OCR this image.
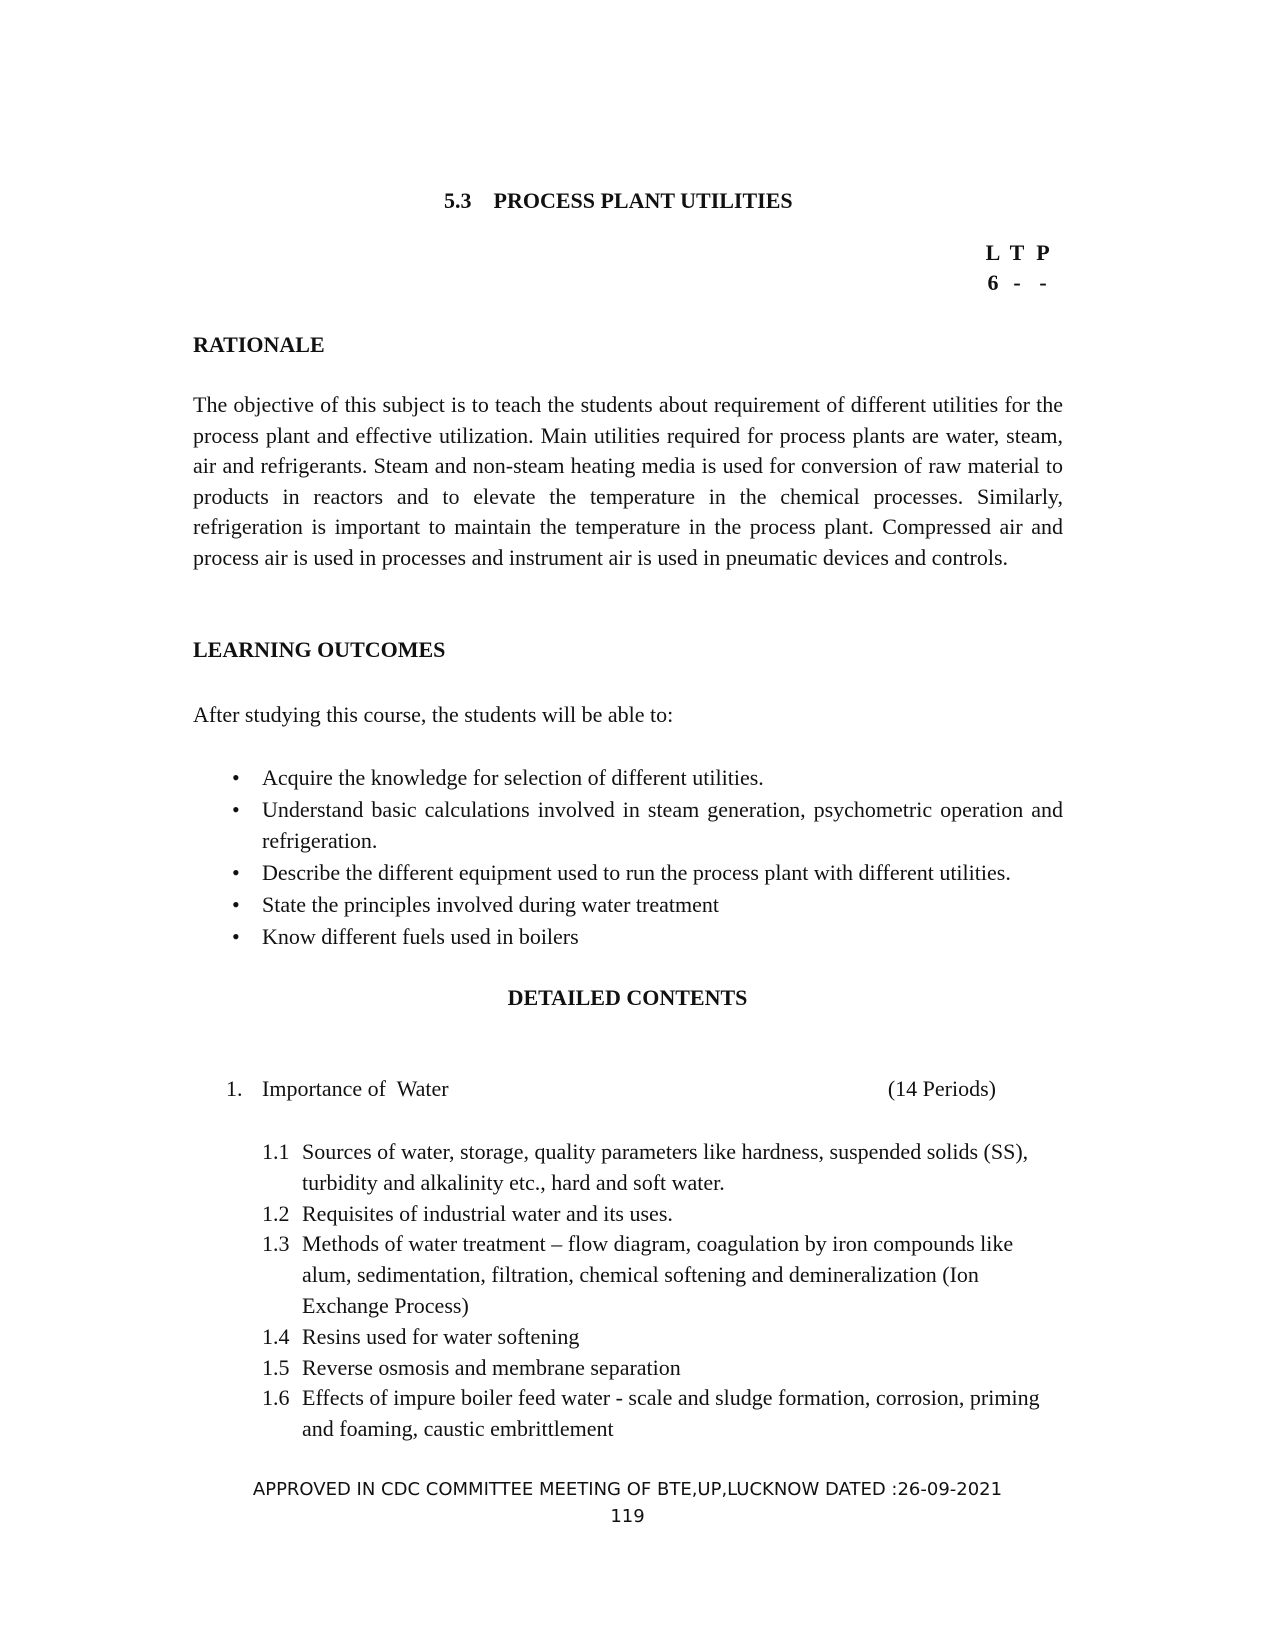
5.3    PROCESS PLANT UTILITIES
L T P
6 - -
RATIONALE
The objective of this subject is to teach the students about requirement of different utilities for the process plant and effective utilization. Main utilities required for process plants are water, steam, air and refrigerants. Steam and non-steam heating media is used for conversion of raw material to products in reactors and to elevate the temperature in the chemical processes. Similarly, refrigeration is important to maintain the temperature in the process plant. Compressed air and process air is used in processes and instrument air is used in pneumatic devices and controls.
LEARNING OUTCOMES
After studying this course, the students will be able to:
• Acquire the knowledge for selection of different utilities.
• Understand basic calculations involved in steam generation, psychometric operation and refrigeration.
• Describe the different equipment used to run the process plant with different utilities.
• State the principles involved during water treatment
• Know different fuels used in boilers
DETAILED CONTENTS
1. Importance of  Water	(14 Periods)
1.1 Sources of water, storage, quality parameters like hardness, suspended solids (SS), turbidity and alkalinity etc., hard and soft water.
1.2 Requisites of industrial water and its uses.
1.3 Methods of water treatment – flow diagram, coagulation by iron compounds like alum, sedimentation, filtration, chemical softening and demineralization (Ion Exchange Process)
1.4 Resins used for water softening
1.5 Reverse osmosis and membrane separation
1.6 Effects of impure boiler feed water - scale and sludge formation, corrosion, priming and foaming, caustic embrittlement
APPROVED IN CDC COMMITTEE MEETING OF BTE,UP,LUCKNOW DATED :26-09-2021
119
